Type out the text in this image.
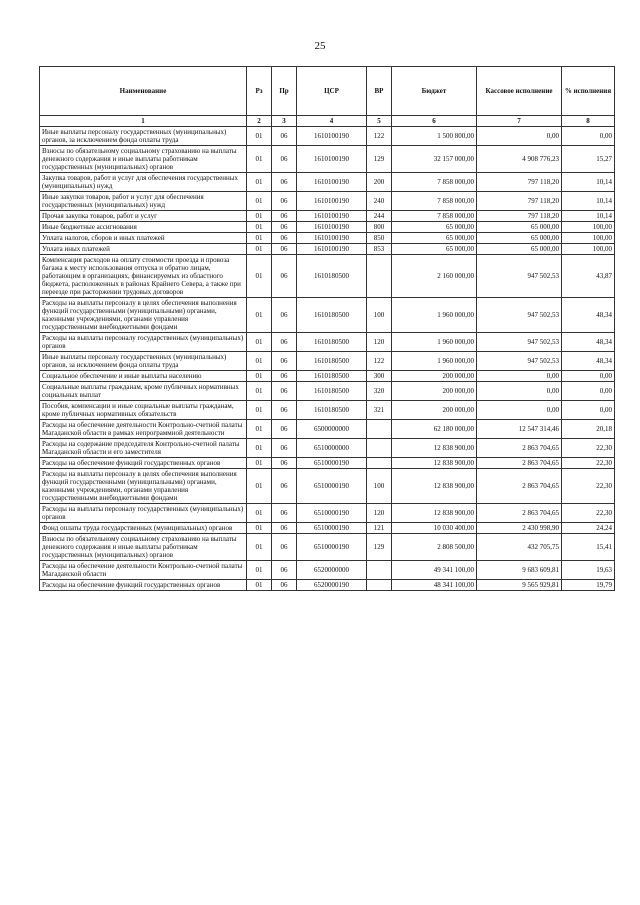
25
Наименование	Рз	Пр	ЦСР	ВР	Бюджет	Кассовое исполнение	% исполнения
1	2	3	4	5	6	7	8
Иные выплаты персоналу государственных (муниципальных) органов, за исключением фонда оплаты труда	01	06	1610100190	122	1 500 800,00	0,00	0,00
Взносы по обязательному социальному страхованию на выплаты денежного содержания и иные выплаты работникам государственных (муниципальных) органов	01	06	1610100190	129	32 157 000,00	4 908 776,23	15,27
Закупка товаров, работ и услуг для обеспечения государственных (муниципальных) нужд	01	06	1610100190	200	7 858 000,00	797 118,20	10,14
Иные закупки товаров, работ и услуг для обеспечения государственных (муниципальных) нужд	01	06	1610100190	240	7 858 000,00	797 118,20	10,14
Прочая закупка товаров, работ и услуг	01	06	1610100190	244	7 858 000,00	797 118,20	10,14
Иные бюджетные ассигнования	01	06	1610100190	800	65 000,00	65 000,00	100,00
Уплата налогов, сборов и иных платежей	01	06	1610100190	850	65 000,00	65 000,00	100,00
Уплата иных платежей	01	06	1610100190	853	65 000,00	65 000,00	100,00
Компенсация расходов на оплату стоимости проезда и провоза багажа к месту использования отпуска и обратно лицам, работающим в организациях, финансируемых из областного бюджета, расположенных в районах Крайнего Севера, а также при переезде при расторжении трудовых договоров	01	06	1610180500		2 160 000,00	947 502,53	43,87
Расходы на выплаты персоналу в целях обеспечения выполнения функций государственными (муниципальными) органами, казенными учреждениями, органами управления государственными внебюджетными фондами	01	06	1610180500	100	1 960 000,00	947 502,53	48,34
Расходы на выплаты персоналу государственных (муниципальных) органов	01	06	1610180500	120	1 960 000,00	947 502,53	48,34
Иные выплаты персоналу государственных (муниципальных) органов, за исключением фонда оплаты труда	01	06	1610180500	122	1 960 000,00	947 502,53	48,34
Социальное обеспечение и иные выплаты населению	01	06	1610180500	300	200 000,00	0,00	0,00
Социальные выплаты гражданам, кроме публичных нормативных социальных выплат	01	06	1610180500	320	200 000,00	0,00	0,00
Пособия, компенсации и иные социальные выплаты гражданам, кроме публичных нормативных обязательств	01	06	1610180500	321	200 000,00	0,00	0,00
Расходы на обеспечение деятельности Контрольно-счетной палаты Магаданской области в рамках непрограммной деятельности	01	06	6500000000		62 180 000,00	12 547 314,46	20,18
Расходы на содержание председателя Контрольно-счетной палаты Магаданской области и его заместителя	01	06	6510000000		12 838 900,00	2 863 704,65	22,30
Расходы на обеспечение функций государственных органов	01	06	6510000190		12 838 900,00	2 863 704,65	22,30
Расходы на выплаты персоналу в целях обеспечения выполнения функций государственными (муниципальными) органами, казенными учреждениями, органами управления государственными внебюджетными фондами	01	06	6510000190	100	12 838 900,00	2 863 704,65	22,30
Расходы на выплаты персоналу государственных (муниципальных) органов	01	06	6510000190	120	12 838 900,00	2 863 704,65	22,30
Фонд оплаты труда государственных (муниципальных) органов	01	06	6510000190	121	10 030 400,00	2 430 998,90	24,24
Взносы по обязательному социальному страхованию на выплаты денежного содержания и иные выплаты работникам государственных (муниципальных) органов	01	06	6510000190	129	2 808 500,00	432 705,75	15,41
Расходы на обеспечение деятельности Контрольно-счетной палаты Магаданской области	01	06	6520000000		49 341 100,00	9 683 609,81	19,63
Расходы на обеспечение функций государственных органов	01	06	6520000190		48 341 100,00	9 565 929,81	19,79
